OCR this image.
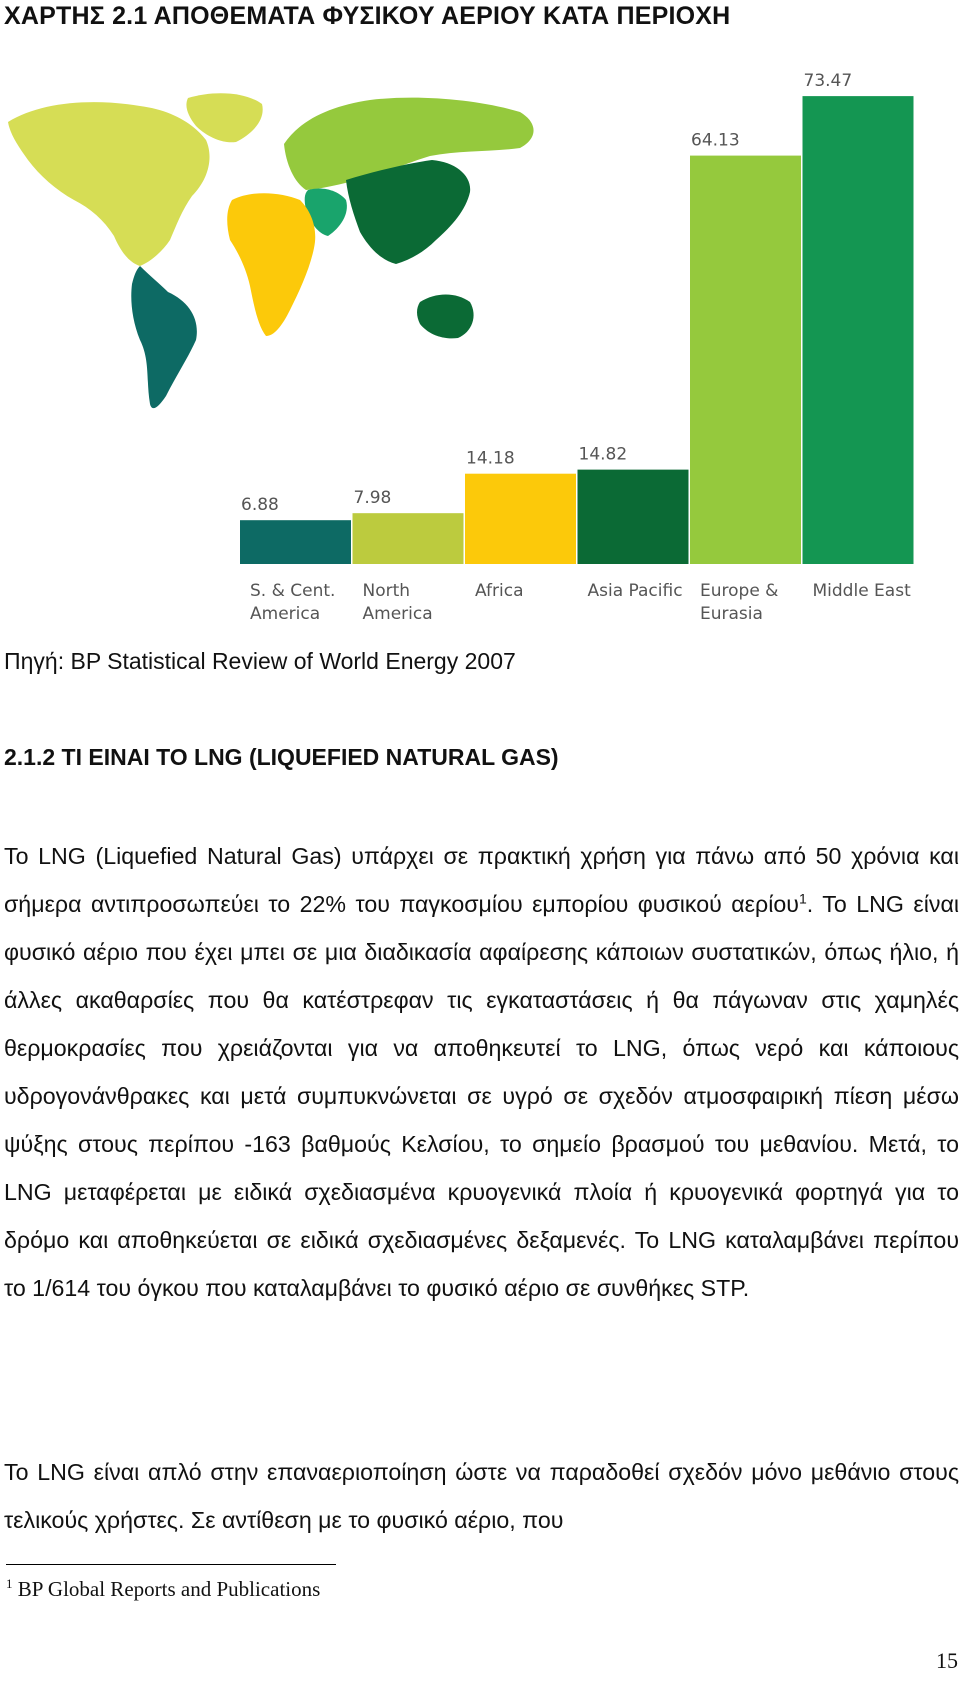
ΧΑΡΤΗΣ 2.1 ΑΠΟΘΕΜΑΤΑ ΦΥΣΙΚΟΥ ΑΕΡΙΟΥ ΚΑΤΑ ΠΕΡΙΟΧΗ
6.88	7.98
14.18	14.82
64.13
73.47
S. & Cent.
America
North
America
Africa	Asia Pacific Europe &
Eurasia
Middle East
Πηγή: BP Statistical Review of World Energy 2007
2.1.2 ΤΙ ΕΙΝΑΙ ΤΟ LNG (LIQUEFIED NATURAL GAS)
Το LNG (Liquefied Natural Gas) υπάρχει σε πρακτική χρήση για πάνω από 50 χρόνια και σήμερα αντιπροσωπεύει το 22% του παγκοσμίου εμπορίου φυσικού αερίου$^1$. Το LNG είναι φυσικό αέριο που έχει μπει σε μια διαδικασία αφαίρεσης κάποιων συστατικών, όπως ήλιο, ή άλλες ακαθαρσίες που θα κατέστρεφαν τις εγκαταστάσεις ή θα πάγωναν στις χαμηλές θερμοκρασίες που χρειάζονται για να αποθηκευτεί το LNG, όπως νερό και κάποιους υδρογονάνθρακες και μετά συμπυκνώνεται σε υγρό σε σχεδόν ατμοσφαιρική πίεση μέσω ψύξης στους περίπου -163 βαθμούς Κελσίου, το σημείο βρασμού του μεθανίου. Μετά, το LNG μεταφέρεται με ειδικά σχεδιασμένα κρυογενικά πλοία ή κρυογενικά φορτηγά για το δρόμο και αποθηκεύεται σε ειδικά σχεδιασμένες δεξαμενές. Το LNG καταλαμβάνει περίπου το 1/614 του όγκου που καταλαμβάνει το φυσικό αέριο σε συνθήκες STP.
Το LNG είναι απλό στην επαναεριοποίηση ώστε να παραδοθεί σχεδόν μόνο μεθάνιο στους τελικούς χρήστες. Σε αντίθεση με το φυσικό αέριο, που
$^1$ BP Global Reports and Publications
15
